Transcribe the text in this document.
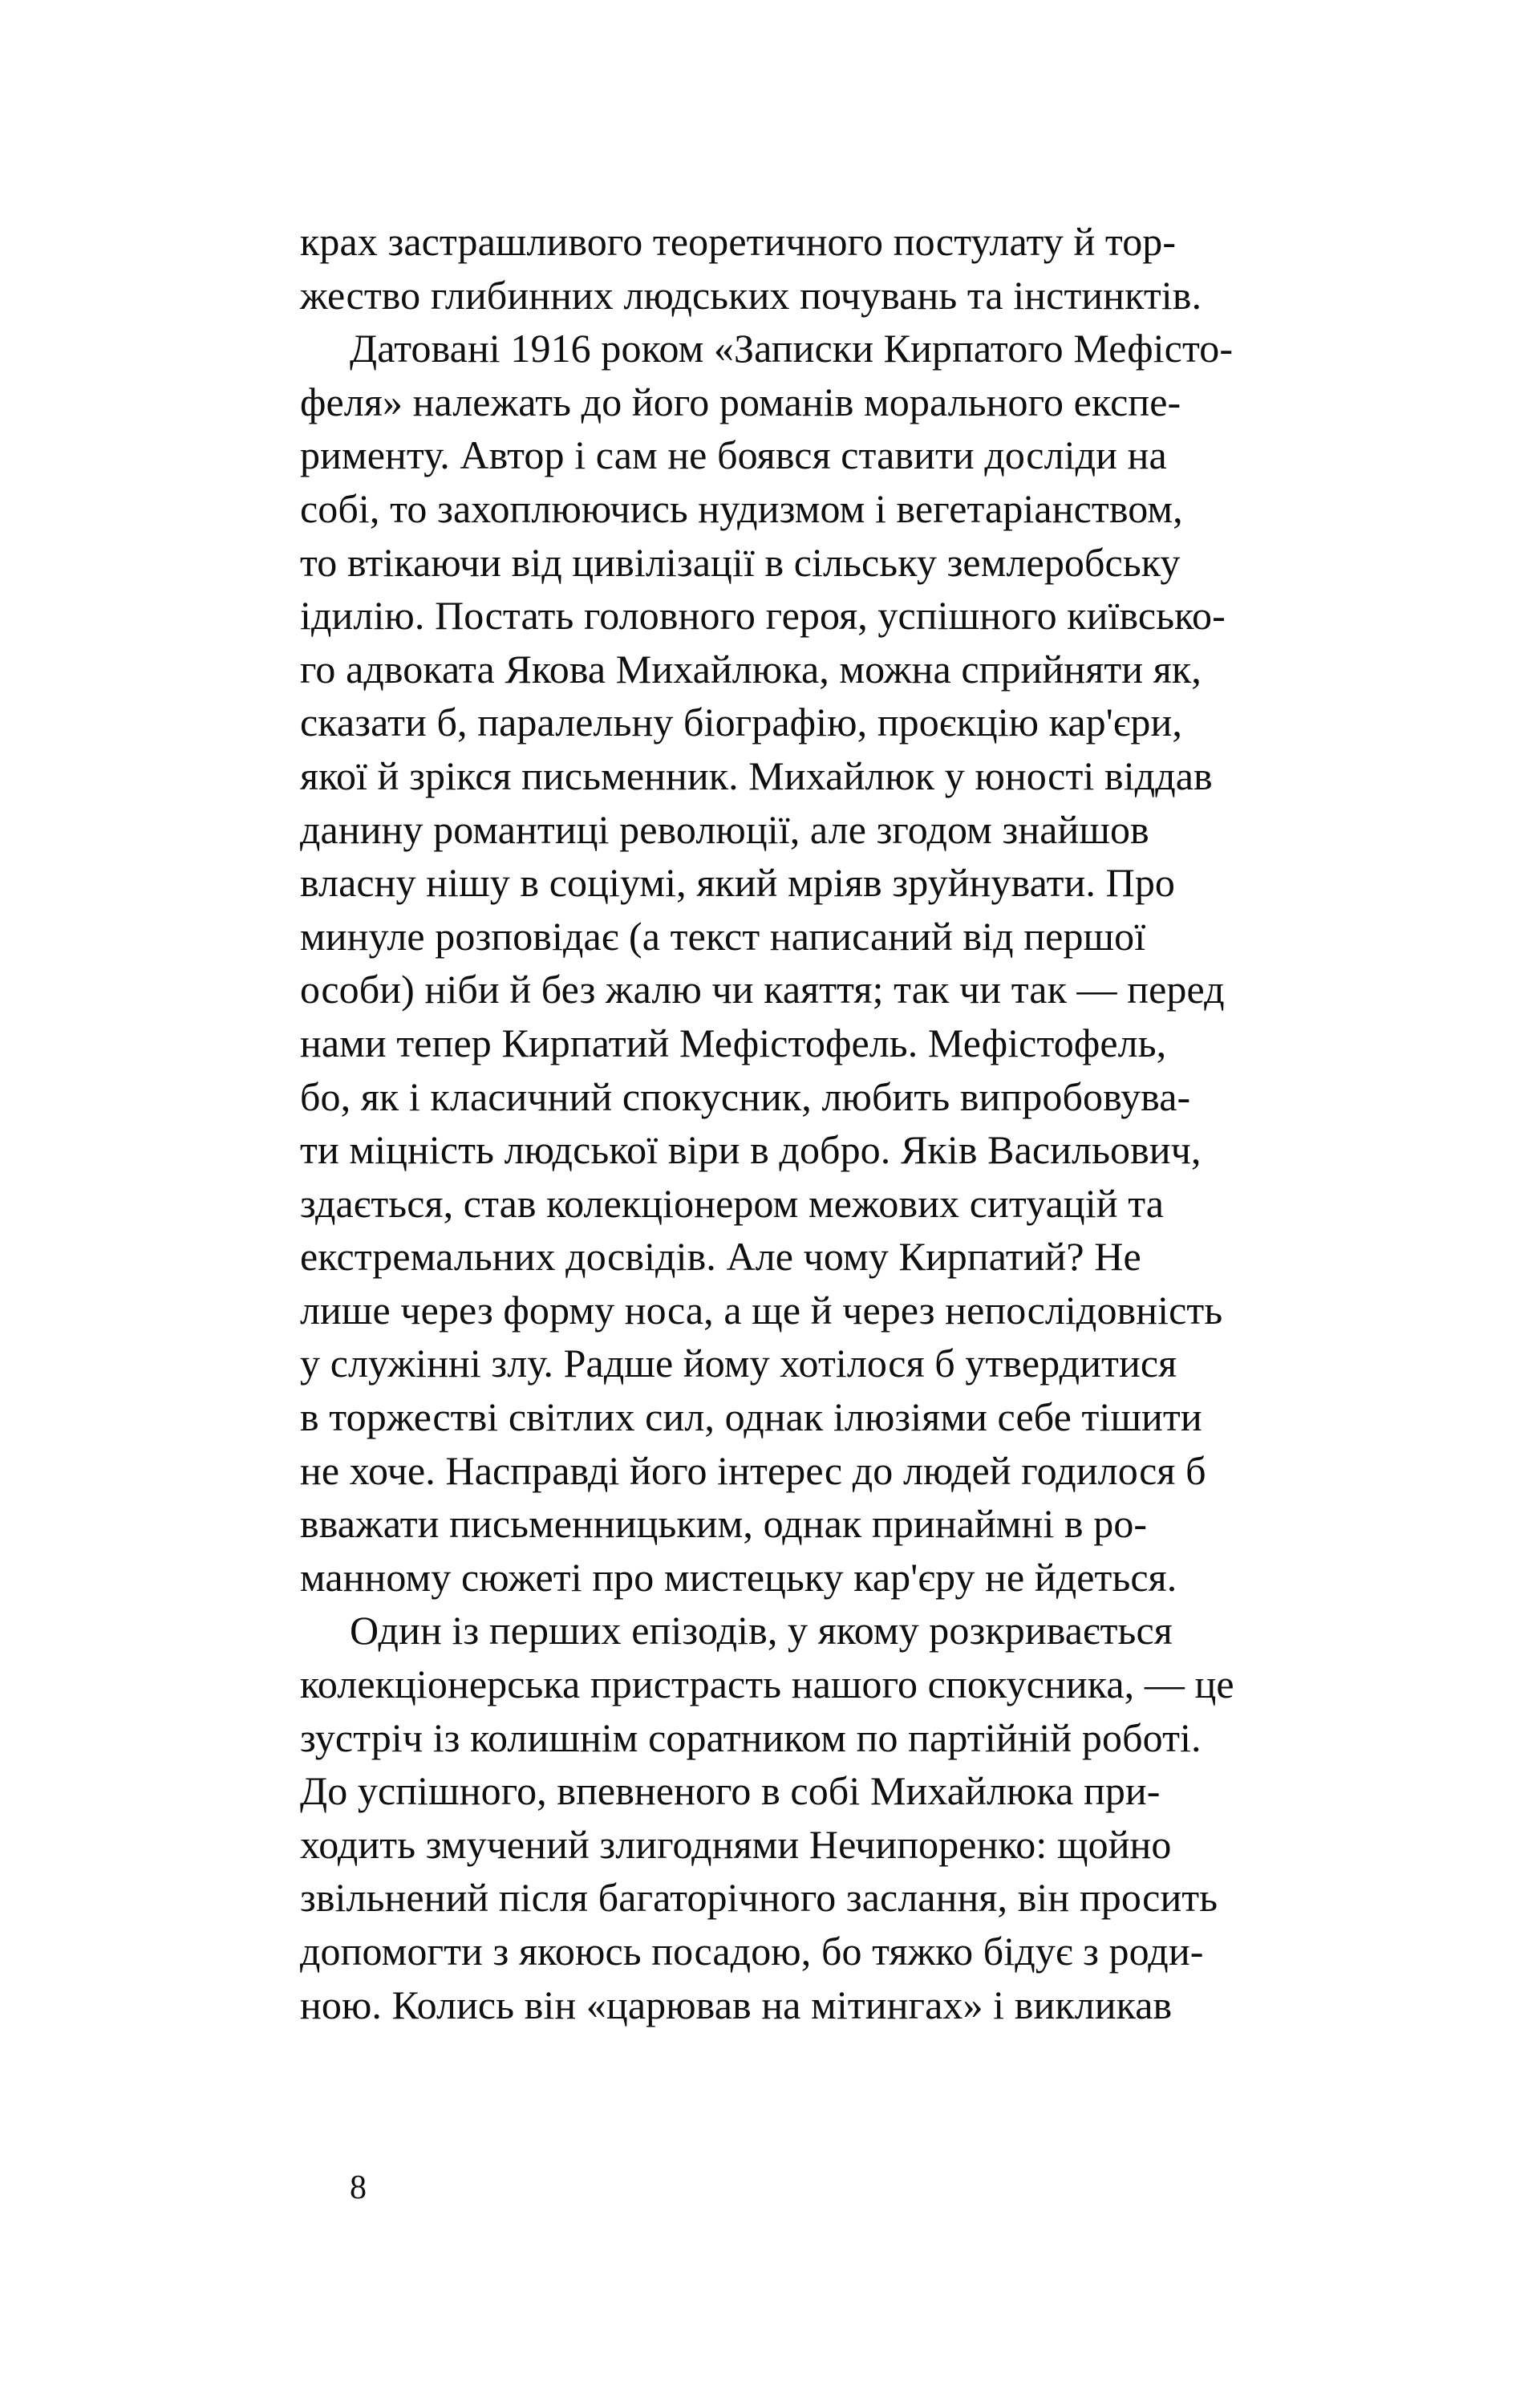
крах застрашливого теоретичного постулату й тор-
жество глибинних людських почувань та інстинктів.
Датовані 1916 роком «Записки Кирпатого Мефісто-
феля» належать до його романів морального експе-
рименту. Автор і сам не боявся ставити досліди на
собі, то захоплюючись нудизмом і вегетаріанством,
то втікаючи від цивілізації в сільську землеробську
ідилію. Постать головного героя, успішного київсько-
го адвоката Якова Михайлюка, можна сприйняти як,
сказати б, паралельну біографію, проєкцію кар'єри,
якої й зрікся письменник. Михайлюк у юності віддав
данину романтиці революції, але згодом знайшов
власну нішу в соціумі, який мріяв зруйнувати. Про
минуле розповідає (а текст написаний від першої
особи) ніби й без жалю чи каяття; так чи так — перед
нами тепер Кирпатий Мефістофель. Мефістофель,
бо, як і класичний спокусник, любить випробовува-
ти міцність людської віри в добро. Яків Васильович,
здається, став колекціонером межових ситуацій та
екстремальних досвідів. Але чому Кирпатий? Не
лише через форму носа, а ще й через непослідовність
у служінні злу. Радше йому хотілося б утвердитися
в торжестві світлих сил, однак ілюзіями себе тішити
не хоче. Насправді його інтерес до людей годилося б
вважати письменницьким, однак принаймні в ро-
манному сюжеті про мистецьку кар'єру не йдеться.
Один із перших епізодів, у якому розкривається
колекціонерська пристрасть нашого спокусника, — це
зустріч із колишнім соратником по партійній роботі.
До успішного, впевненого в собі Михайлюка при-
ходить змучений злигоднями Нечипоренко: щойно
звільнений після багаторічного заслання, він просить
допомогти з якоюсь посадою, бо тяжко бідує з роди-
ною. Колись він «царював на мітингах» і викликав
8
